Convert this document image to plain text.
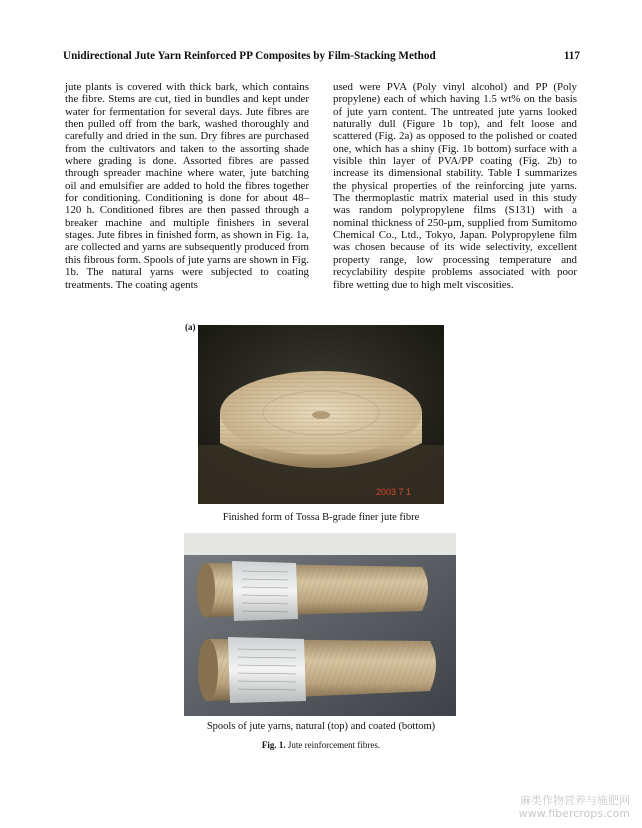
Unidirectional Jute Yarn Reinforced PP Composites by Film-Stacking Method	117

jute plants is covered with thick bark, which contains the fibre. Stems are cut, tied in bundles and kept under water for fermentation for several days. Jute fibres are then pulled off from the bark, washed thoroughly and carefully and dried in the sun. Dry fibres are purchased from the cultivators and taken to the assorting shade where grading is done. Assorted fibres are passed through spreader machine where water, jute batching oil and emulsifier are added to hold the fibres together for conditioning. Conditioning is done for about 48–120 h. Conditioned fibres are then passed through a breaker machine and multiple finishers in several stages. Jute fibres in finished form, as shown in Fig. 1a, are collected and yarns are subsequently produced from this fibrous form. Spools of jute yarns are shown in Fig. 1b. The natural yarns were subjected to coating treatments. The coating agents

used were PVA (Poly vinyl alcohol) and PP (Poly propylene) each of which having 1.5 wt% on the basis of jute yarn content. The untreated jute yarns looked naturally dull (Figure 1b top), and felt loose and scattered (Fig. 2a) as opposed to the polished or coated one, which has a shiny (Fig. 1b bottom) surface with a visible thin layer of PVA/PP coating (Fig. 2b) to increase its dimensional stability. Table I summarizes the physical properties of the reinforcing jute yarns. The thermoplastic matrix material used in this study was random polypropylene films (S131) with a nominal thickness of 250-μm, supplied from Sumitomo Chemical Co., Ltd., Tokyo, Japan. Polypropylene film was chosen because of its wide selectivity, excellent property range, low processing temperature and recyclability despite problems associated with poor fibre wetting due to high melt viscosities.

(a)
2003 7 1
Finished form of Tossa B-grade finer jute fibre
Spools of jute yarns, natural (top) and coated (bottom)
Fig. 1. Jute reinforcement fibres.
麻类作物营养与施肥网
www.fibercrops.com
